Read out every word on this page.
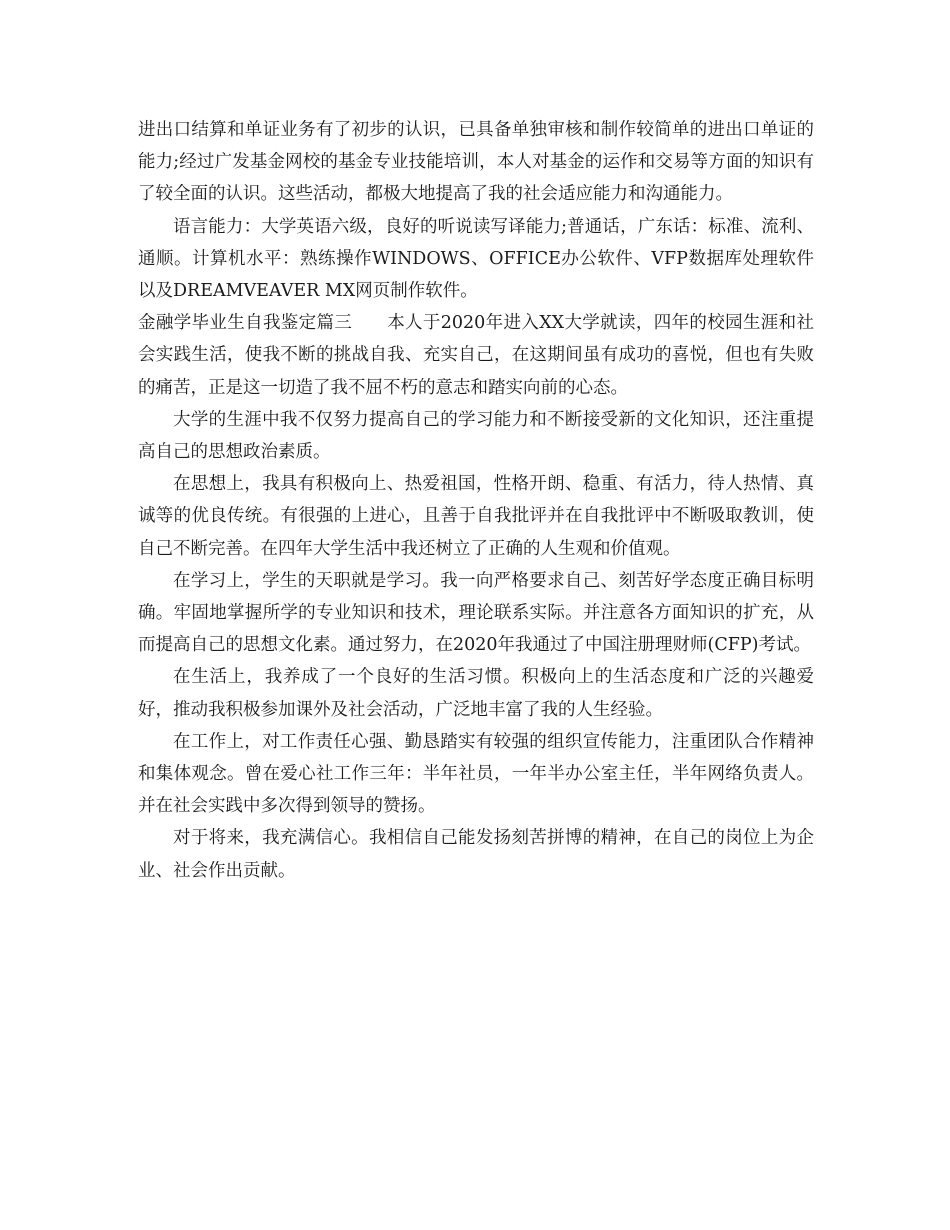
进出口结算和单证业务有了初步的认识，已具备单独审核和制作较简单的进出口单证的能力;经过广发基金网校的基金专业技能培训，本人对基金的运作和交易等方面的知识有了较全面的认识。这些活动，都极大地提高了我的社会适应能力和沟通能力。

语言能力：大学英语六级，良好的听说读写译能力;普通话，广东话：标准、流利、通顺。计算机水平：熟练操作WINDOWS、OFFICE办公软件、VFP数据库处理软件以及DREAMVEAVER MX网页制作软件。

金融学毕业生自我鉴定篇三 本人于2020年进入XX大学就读，四年的校园生涯和社会实践生活，使我不断的挑战自我、充实自己，在这期间虽有成功的喜悦，但也有失败的痛苦，正是这一切造了我不屈不朽的意志和踏实向前的心态。

大学的生涯中我不仅努力提高自己的学习能力和不断接受新的文化知识，还注重提高自己的思想政治素质。

在思想上，我具有积极向上、热爱祖国，性格开朗、稳重、有活力，待人热情、真诚等的优良传统。有很强的上进心，且善于自我批评并在自我批评中不断吸取教训，使自己不断完善。在四年大学生活中我还树立了正确的人生观和价值观。

在学习上，学生的天职就是学习。我一向严格要求自己、刻苦好学态度正确目标明确。牢固地掌握所学的专业知识和技术，理论联系实际。并注意各方面知识的扩充，从而提高自己的思想文化素。通过努力，在2020年我通过了中国注册理财师(CFP)考试。

在生活上，我养成了一个良好的生活习惯。积极向上的生活态度和广泛的兴趣爱好，推动我积极参加课外及社会活动，广泛地丰富了我的人生经验。

在工作上，对工作责任心强、勤恳踏实有较强的组织宣传能力，注重团队合作精神和集体观念。曾在爱心社工作三年：半年社员，一年半办公室主任，半年网络负责人。并在社会实践中多次得到领导的赞扬。

对于将来，我充满信心。我相信自己能发扬刻苦拼博的精神，在自己的岗位上为企业、社会作出贡献。
